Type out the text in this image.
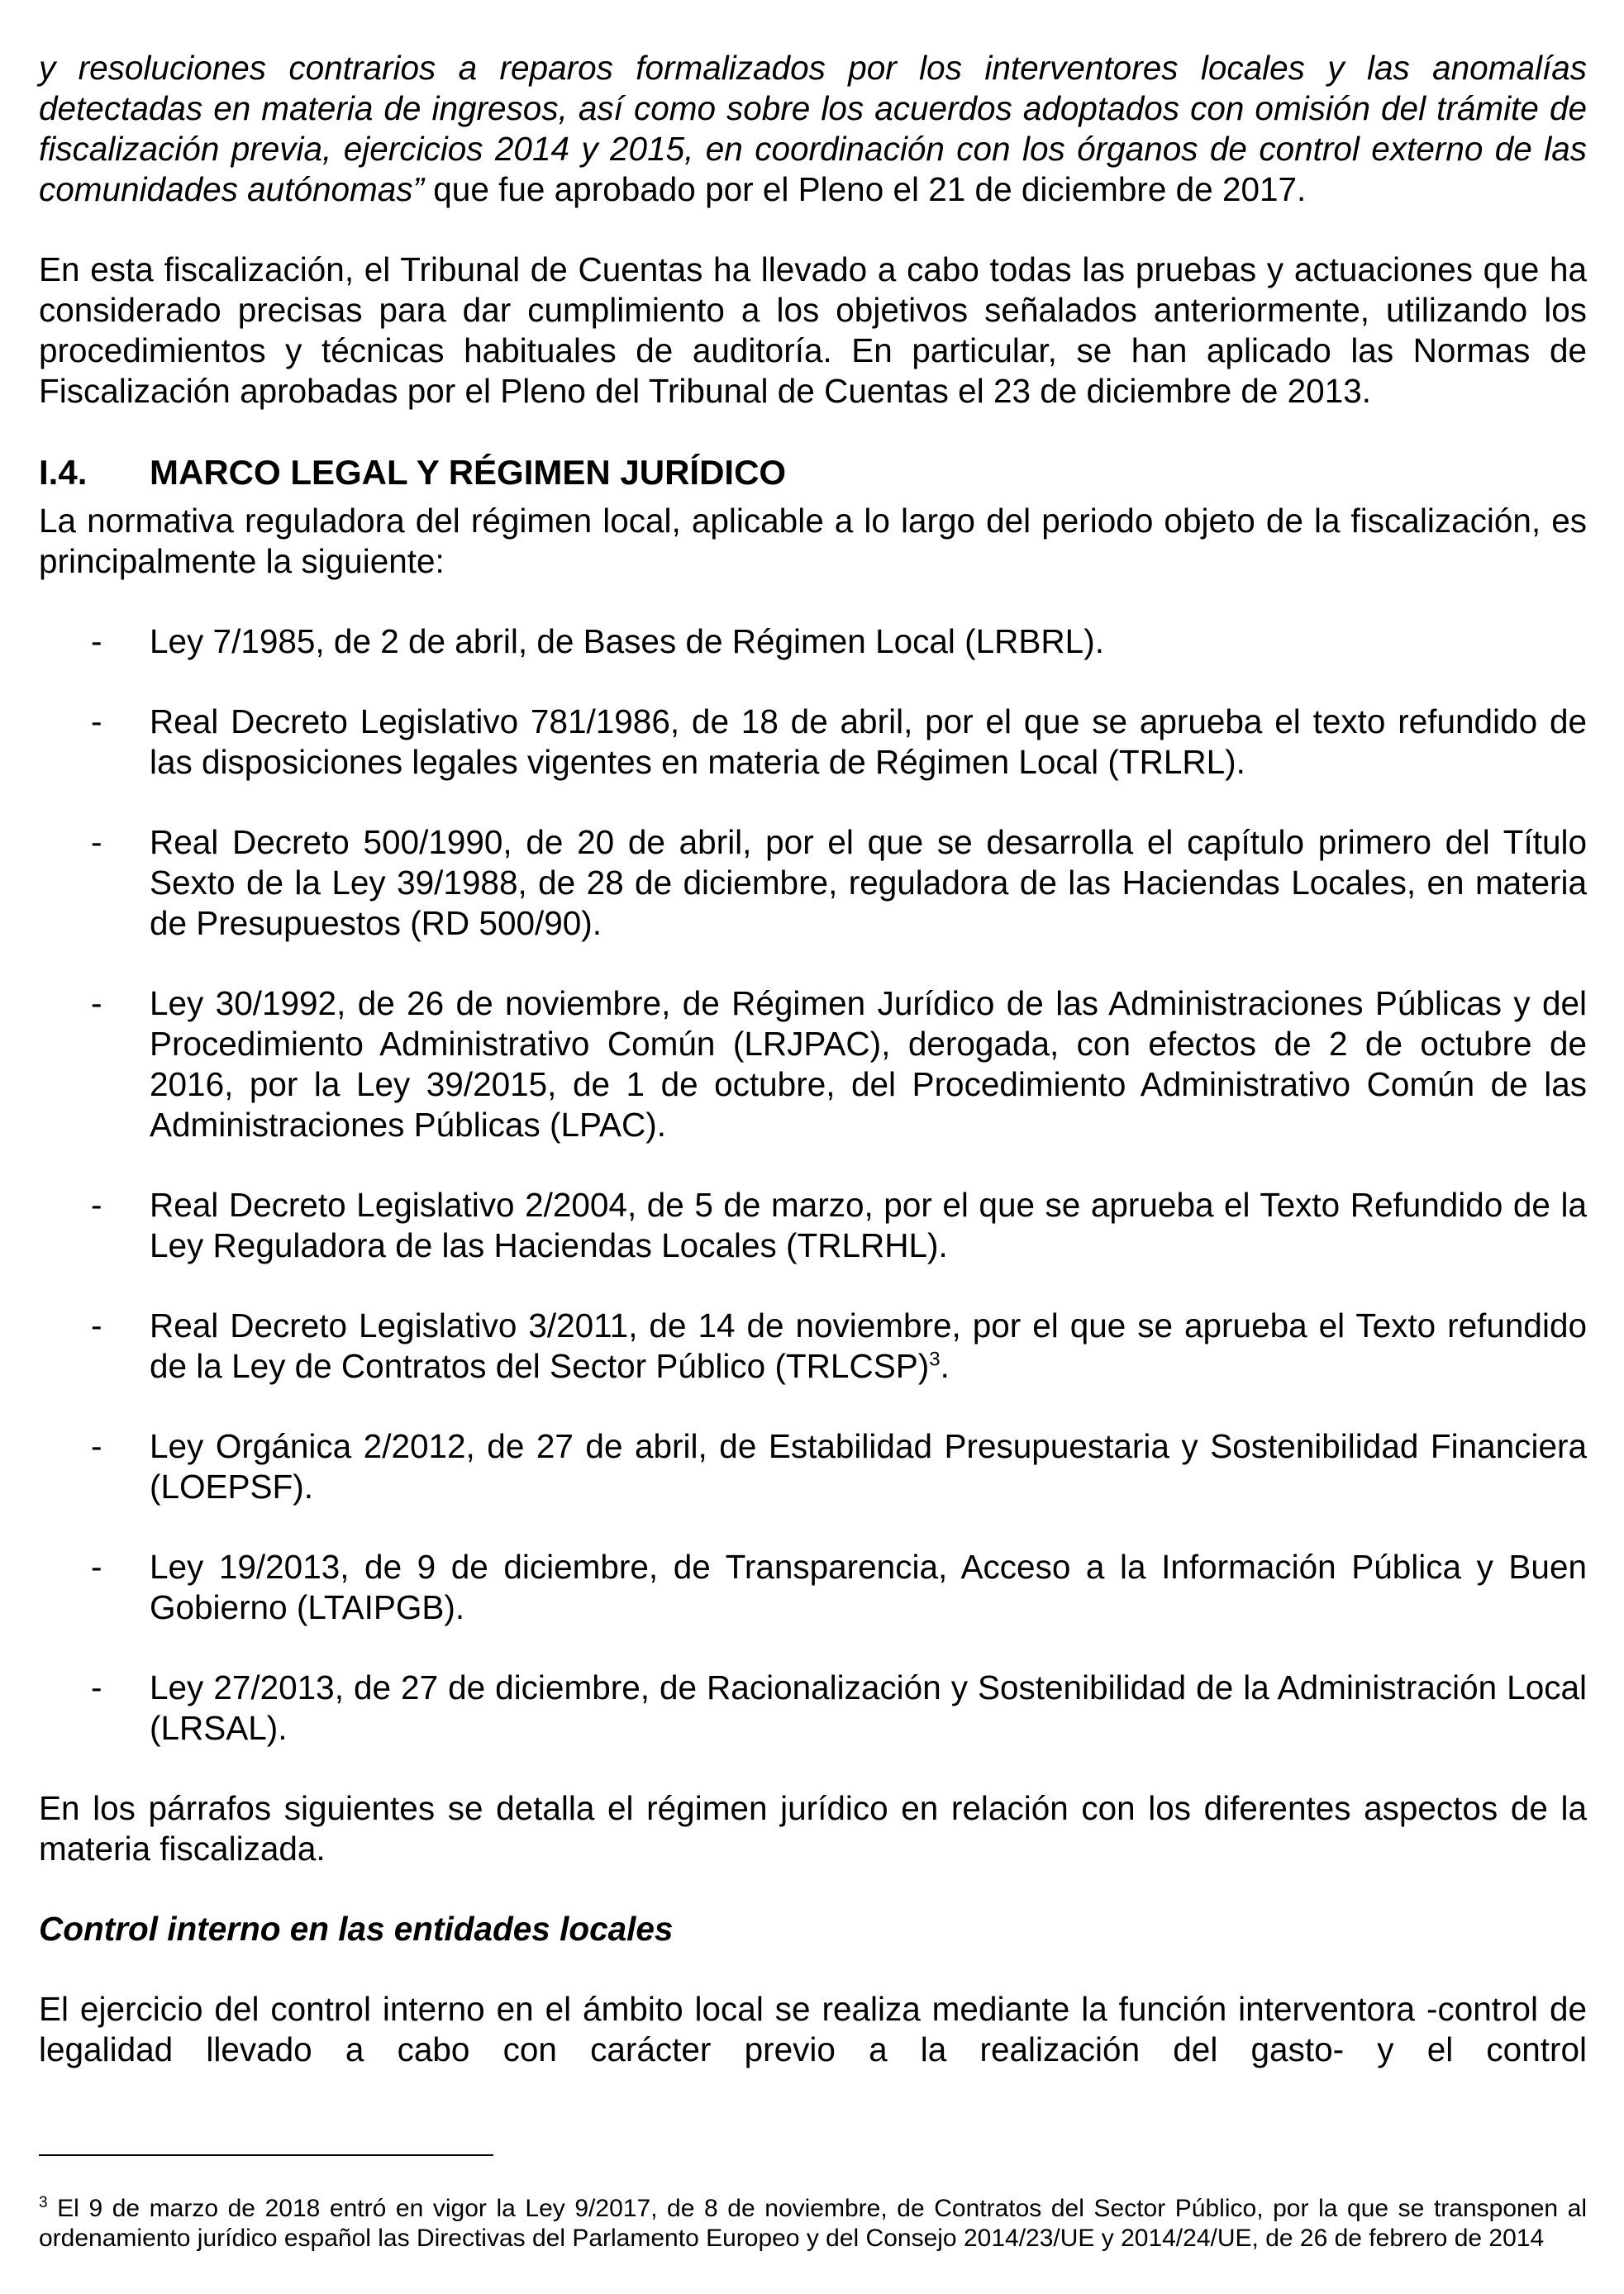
y resoluciones contrarios a reparos formalizados por los interventores locales y las anomalías detectadas en materia de ingresos, así como sobre los acuerdos adoptados con omisión del trámite de fiscalización previa, ejercicios 2014 y 2015, en coordinación con los órganos de control externo de las comunidades autónomas” que fue aprobado por el Pleno el 21 de diciembre de 2017.

En esta fiscalización, el Tribunal de Cuentas ha llevado a cabo todas las pruebas y actuaciones que ha considerado precisas para dar cumplimiento a los objetivos señalados anteriormente, utilizando los procedimientos y técnicas habituales de auditoría. En particular, se han aplicado las Normas de Fiscalización aprobadas por el Pleno del Tribunal de Cuentas el 23 de diciembre de 2013.

I.4.	MARCO LEGAL Y RÉGIMEN JURÍDICO

La normativa reguladora del régimen local, aplicable a lo largo del periodo objeto de la fiscalización, es principalmente la siguiente:

-	Ley 7/1985, de 2 de abril, de Bases de Régimen Local (LRBRL).
-	Real Decreto Legislativo 781/1986, de 18 de abril, por el que se aprueba el texto refundido de las disposiciones legales vigentes en materia de Régimen Local (TRLRL).
-	Real Decreto 500/1990, de 20 de abril, por el que se desarrolla el capítulo primero del Título Sexto de la Ley 39/1988, de 28 de diciembre, reguladora de las Haciendas Locales, en materia de Presupuestos (RD 500/90).
-	Ley 30/1992, de 26 de noviembre, de Régimen Jurídico de las Administraciones Públicas y del Procedimiento Administrativo Común (LRJPAC), derogada, con efectos de 2 de octubre de 2016, por la Ley 39/2015, de 1 de octubre, del Procedimiento Administrativo Común de las Administraciones Públicas (LPAC).
-	Real Decreto Legislativo 2/2004, de 5 de marzo, por el que se aprueba el Texto Refundido de la Ley Reguladora de las Haciendas Locales (TRLRHL).
-	Real Decreto Legislativo 3/2011, de 14 de noviembre, por el que se aprueba el Texto refundido de la Ley de Contratos del Sector Público (TRLCSP)$^3$.
-	Ley Orgánica 2/2012, de 27 de abril, de Estabilidad Presupuestaria y Sostenibilidad Financiera (LOEPSF).
-	Ley 19/2013, de 9 de diciembre, de Transparencia, Acceso a la Información Pública y Buen Gobierno (LTAIPGB).
-	Ley 27/2013, de 27 de diciembre, de Racionalización y Sostenibilidad de la Administración Local (LRSAL).

En los párrafos siguientes se detalla el régimen jurídico en relación con los diferentes aspectos de la materia fiscalizada.

Control interno en las entidades locales

El ejercicio del control interno en el ámbito local se realiza mediante la función interventora -control de legalidad llevado a cabo con carácter previo a la realización del gasto- y el control

$^3$ El 9 de marzo de 2018 entró en vigor la Ley 9/2017, de 8 de noviembre, de Contratos del Sector Público, por la que se transponen al ordenamiento jurídico español las Directivas del Parlamento Europeo y del Consejo 2014/23/UE y 2014/24/UE, de 26 de febrero de 2014
